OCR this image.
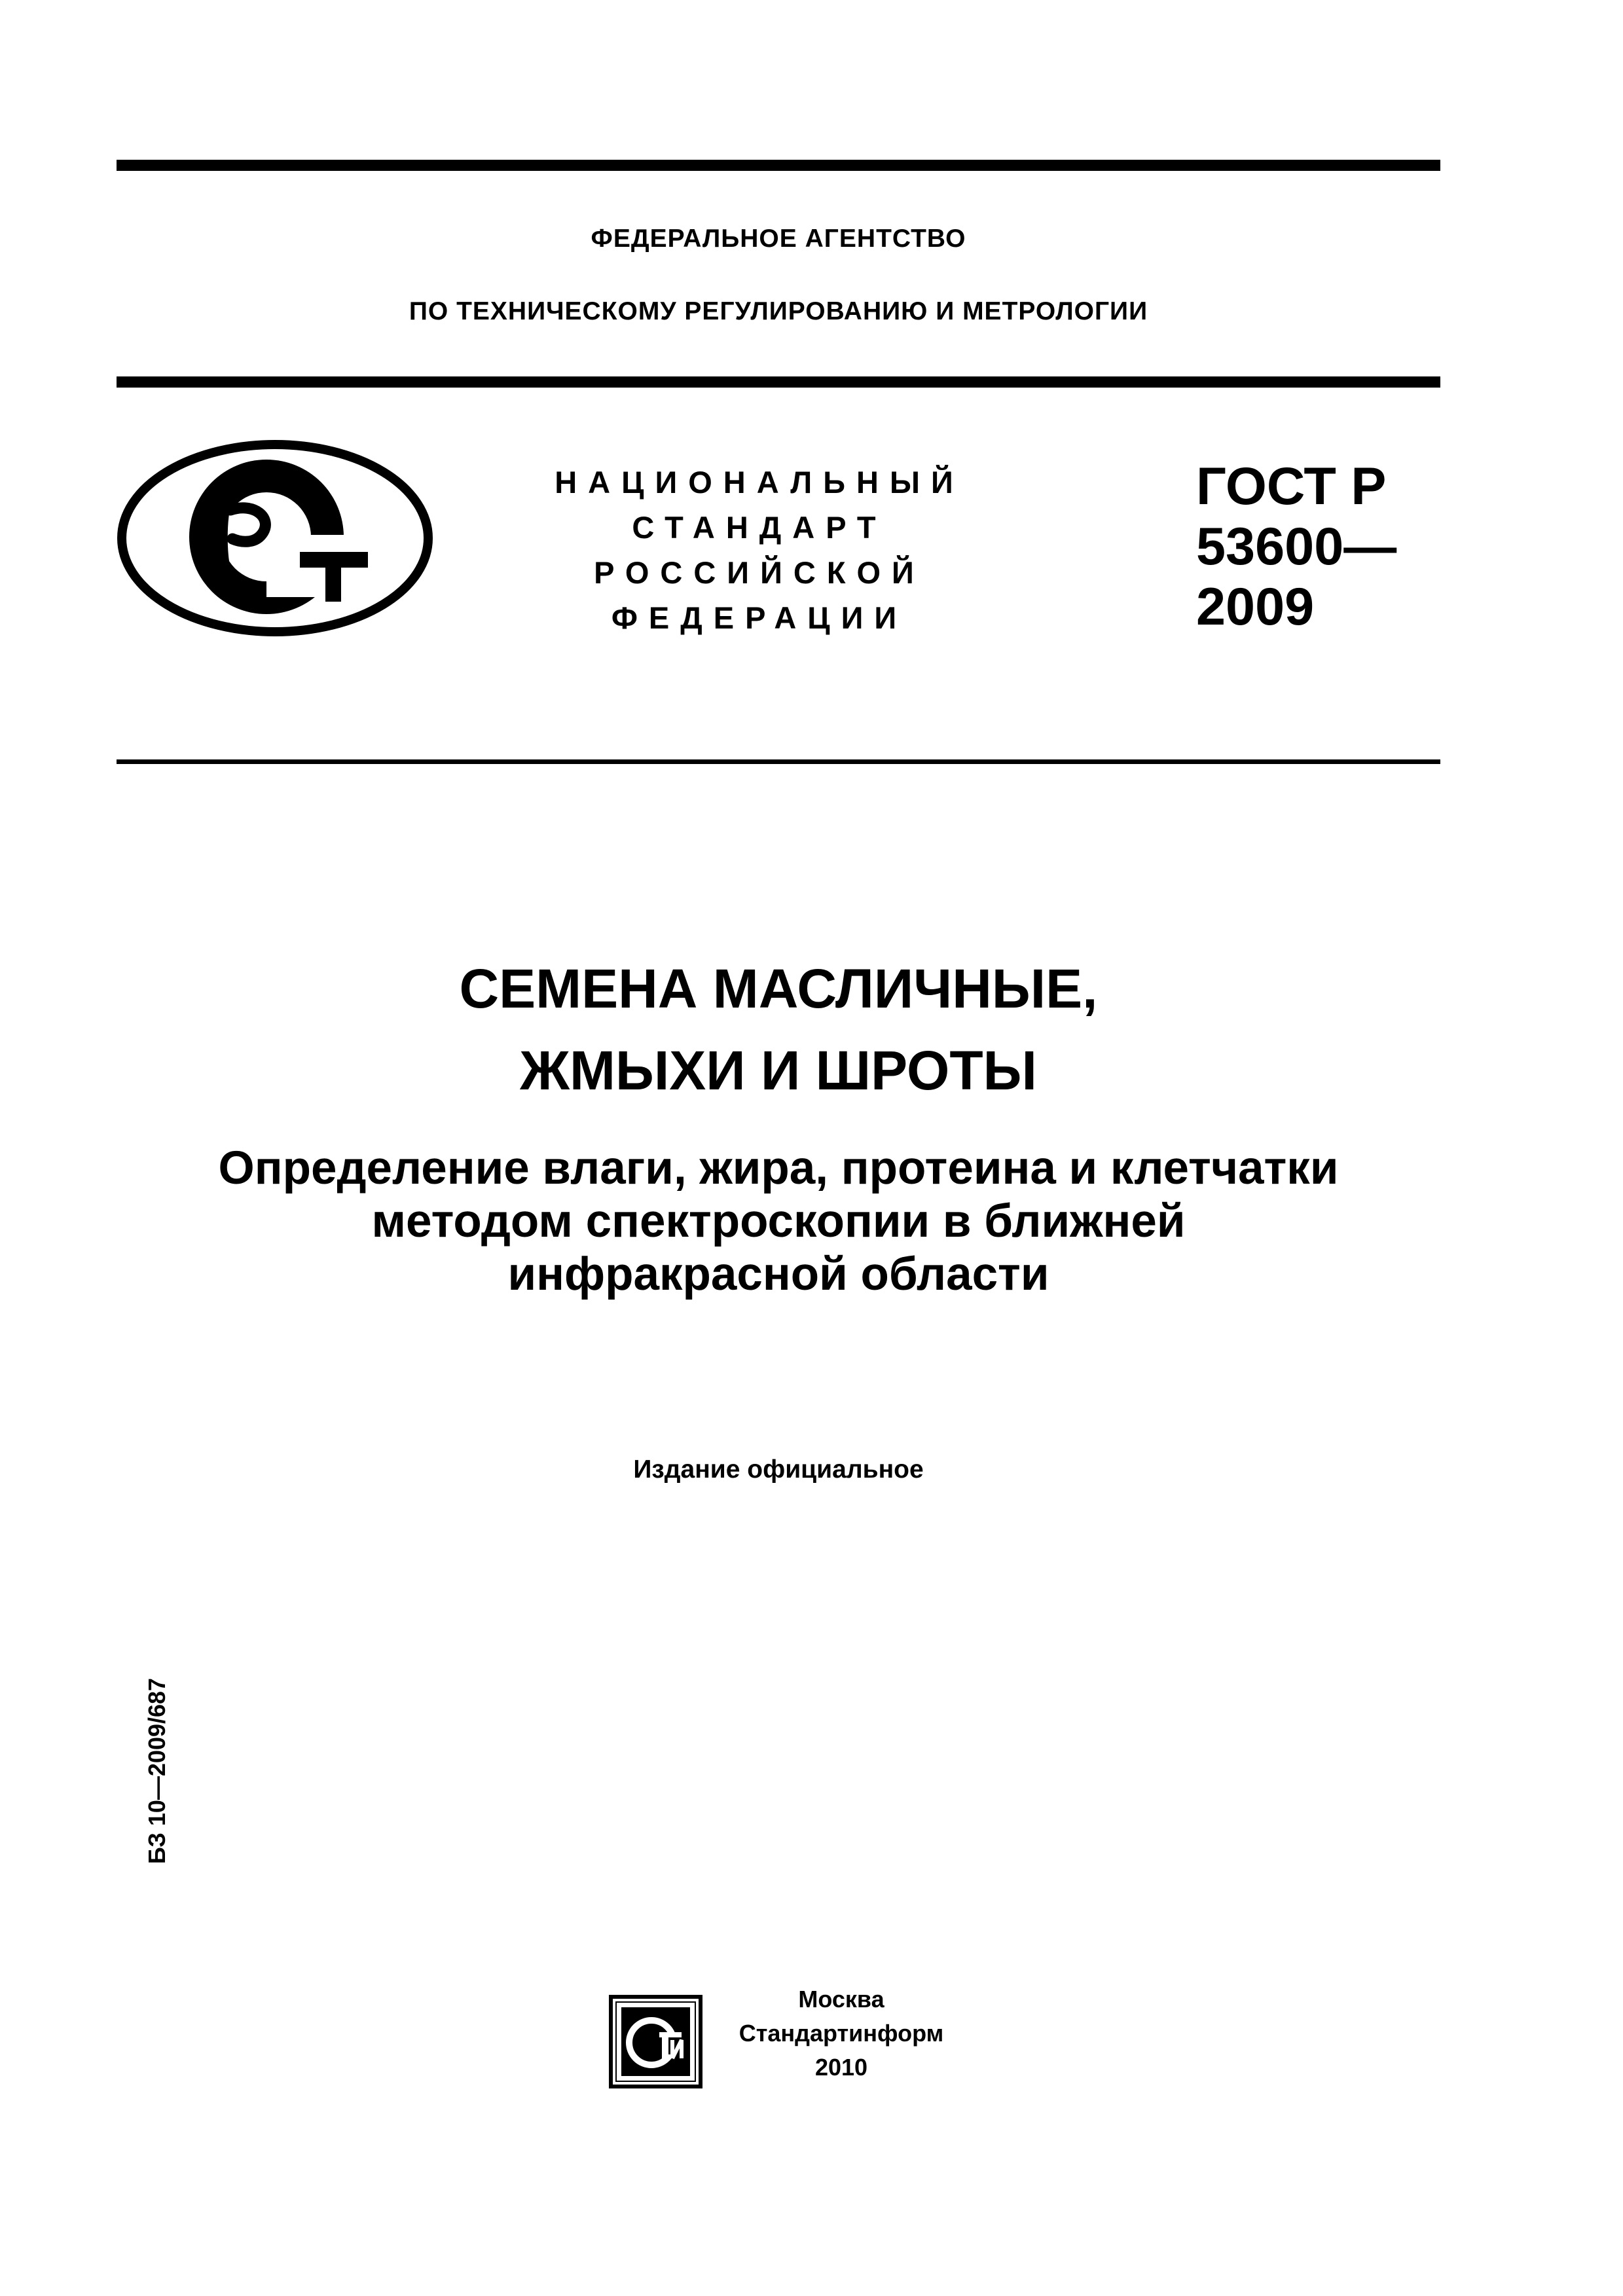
ФЕДЕРАЛЬНОЕ АГЕНТСТВО
ПО ТЕХНИЧЕСКОМУ РЕГУЛИРОВАНИЮ И МЕТРОЛОГИИ
НАЦИОНАЛЬНЫЙ
СТАНДАРТ
РОССИЙСКОЙ
ФЕДЕРАЦИИ
ГОСТ Р
53600—
2009
СЕМЕНА МАСЛИЧНЫЕ,
ЖМЫХИ И ШРОТЫ
Определение влаги, жира, протеина и клетчатки
методом спектроскопии в ближней
инфракрасной области
Издание официальное
БЗ 10—2009/687
Москва
Стандартинформ
2010
